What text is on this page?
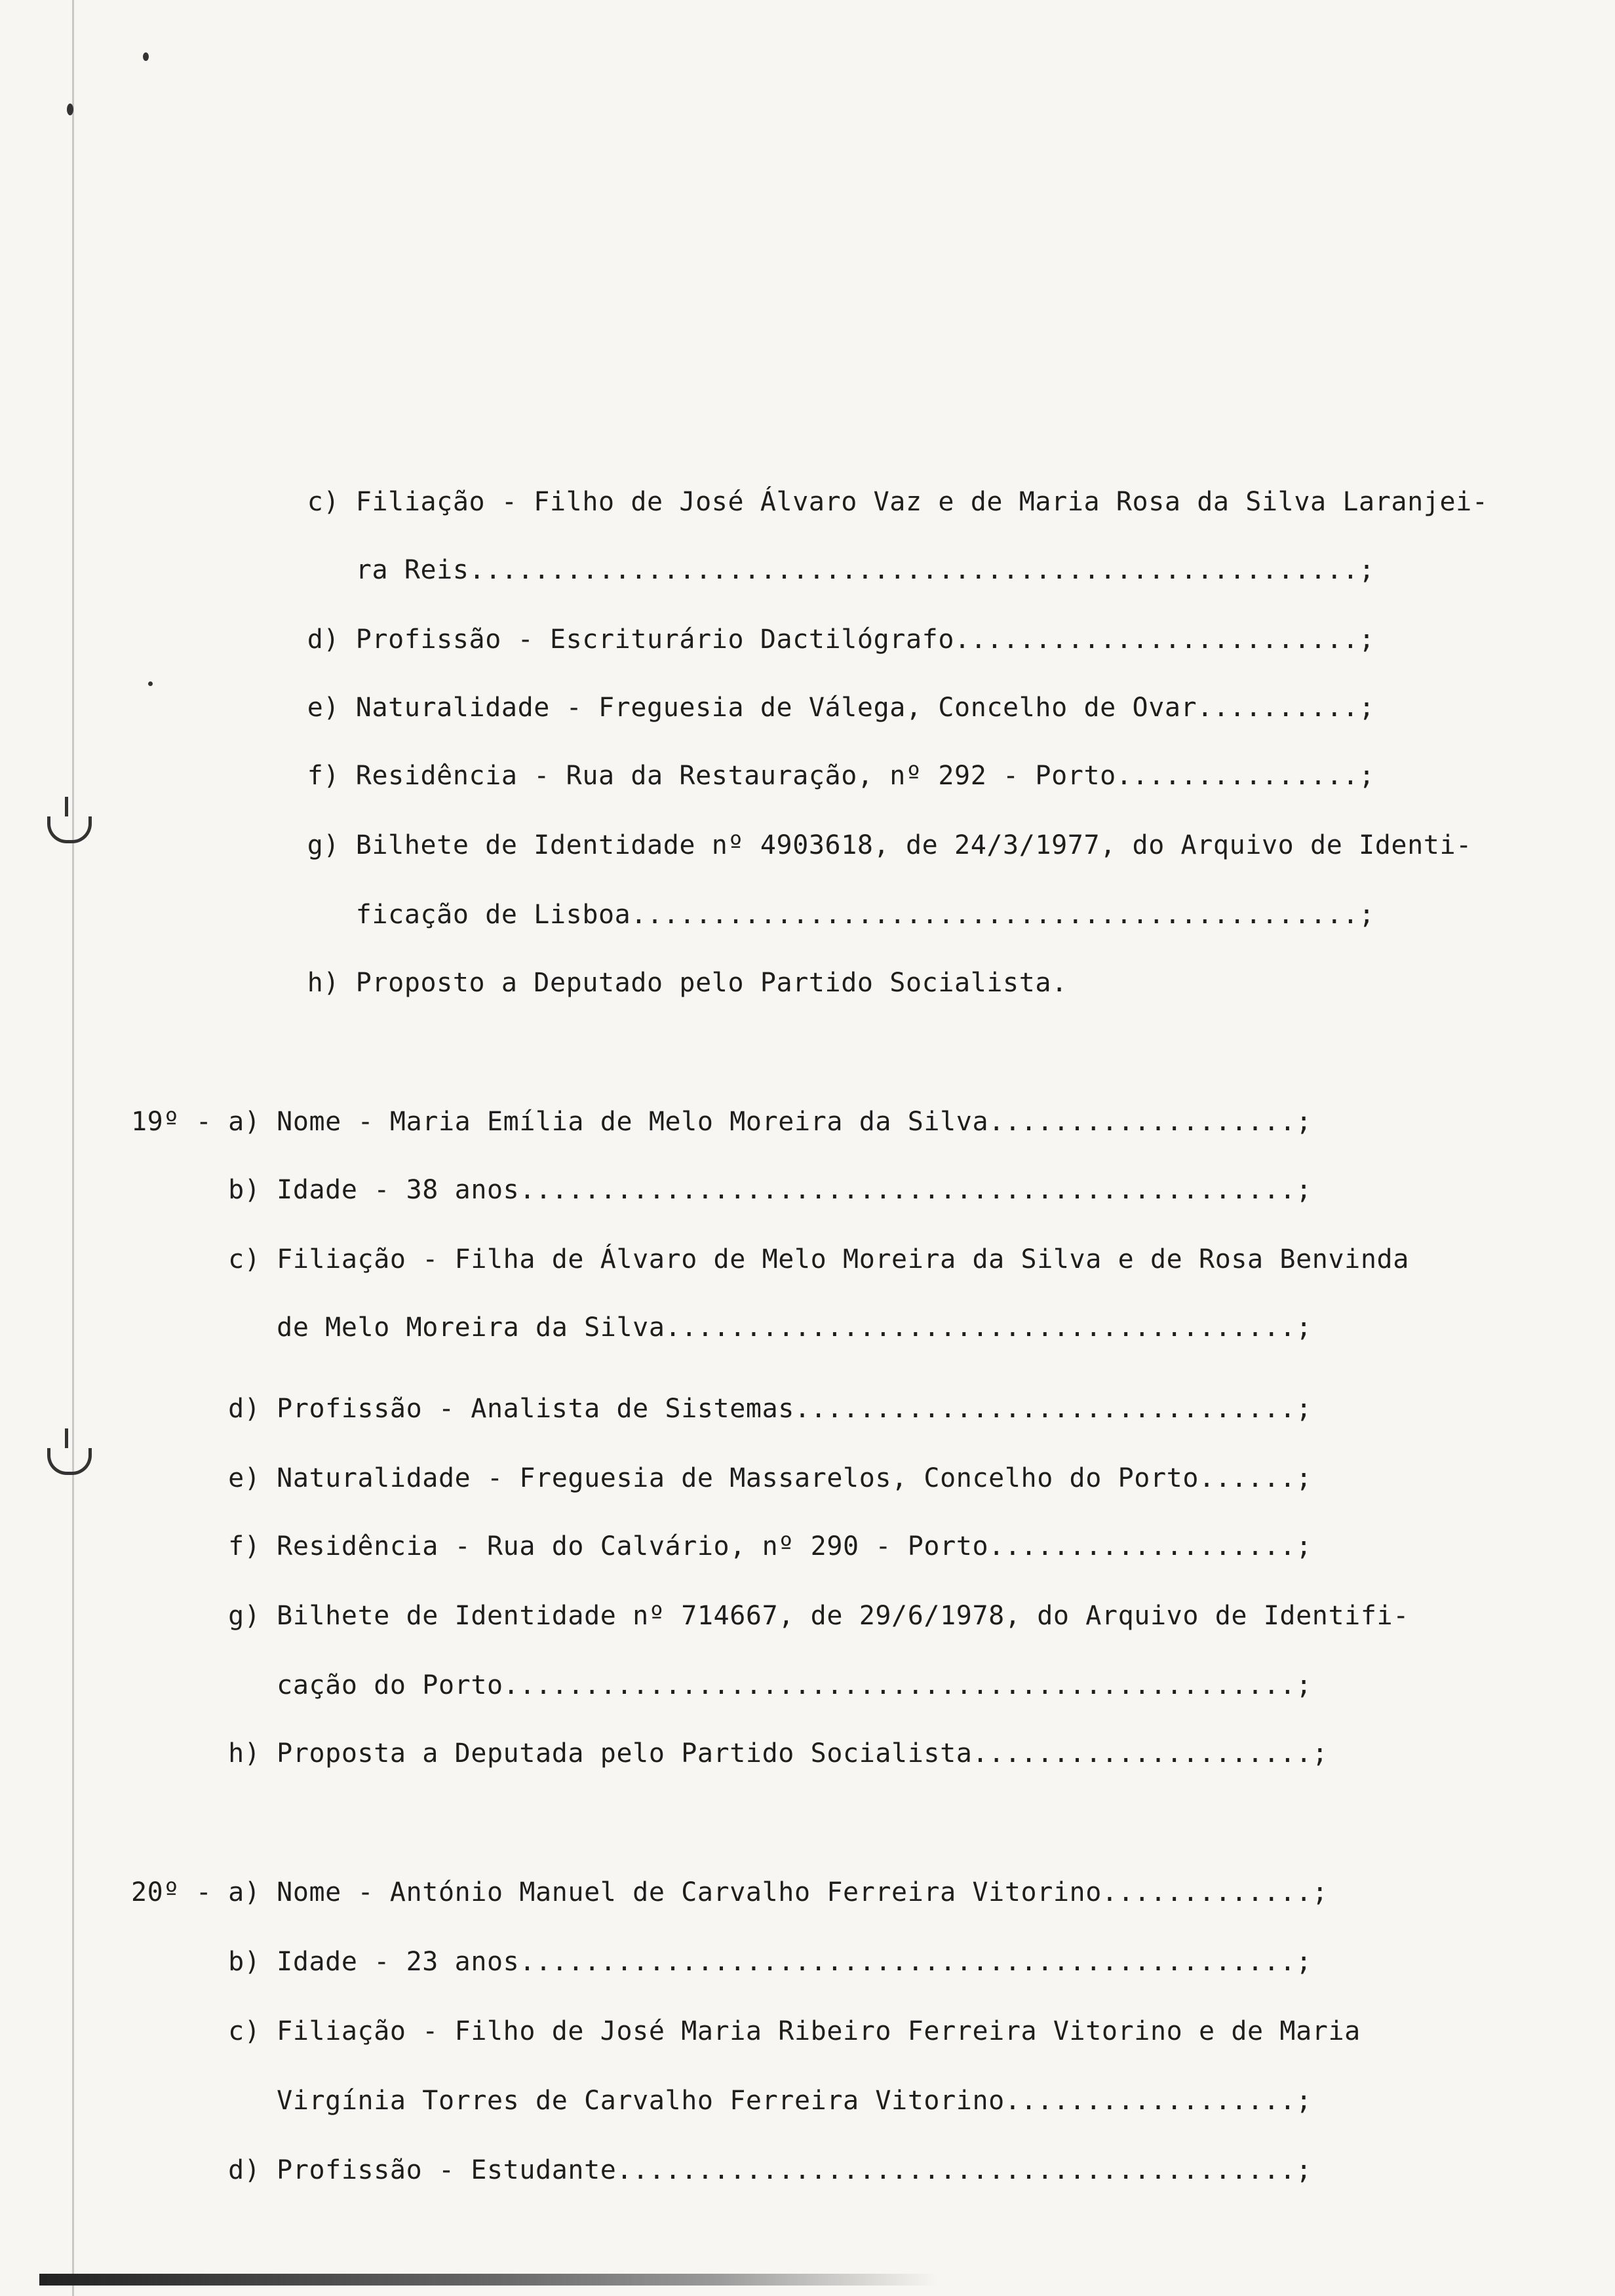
c) Filiação - Filho de José Álvaro Vaz e de Maria Rosa da Silva Laranjei-
ra Reis.......................................................;
d) Profissão - Escriturário Dactilógrafo.........................;
e) Naturalidade - Freguesia de Válega, Concelho de Ovar..........;
f) Residência - Rua da Restauração, nº 292 - Porto...............;
g) Bilhete de Identidade nº 4903618, de 24/3/1977, do Arquivo de Identi-
ficação de Lisboa.............................................;
h) Proposto a Deputado pelo Partido Socialista.
19º - a) Nome - Maria Emília de Melo Moreira da Silva...................;
b) Idade - 38 anos................................................;
c) Filiação - Filha de Álvaro de Melo Moreira da Silva e de Rosa Benvinda
de Melo Moreira da Silva.......................................;
d) Profissão - Analista de Sistemas...............................;
e) Naturalidade - Freguesia de Massarelos, Concelho do Porto......;
f) Residência - Rua do Calvário, nº 290 - Porto...................;
g) Bilhete de Identidade nº 714667, de 29/6/1978, do Arquivo de Identifi-
cação do Porto.................................................;
h) Proposta a Deputada pelo Partido Socialista.....................;
20º - a) Nome - António Manuel de Carvalho Ferreira Vitorino.............;
b) Idade - 23 anos................................................;
c) Filiação - Filho de José Maria Ribeiro Ferreira Vitorino e de Maria
Virgínia Torres de Carvalho Ferreira Vitorino..................;
d) Profissão - Estudante..........................................;
